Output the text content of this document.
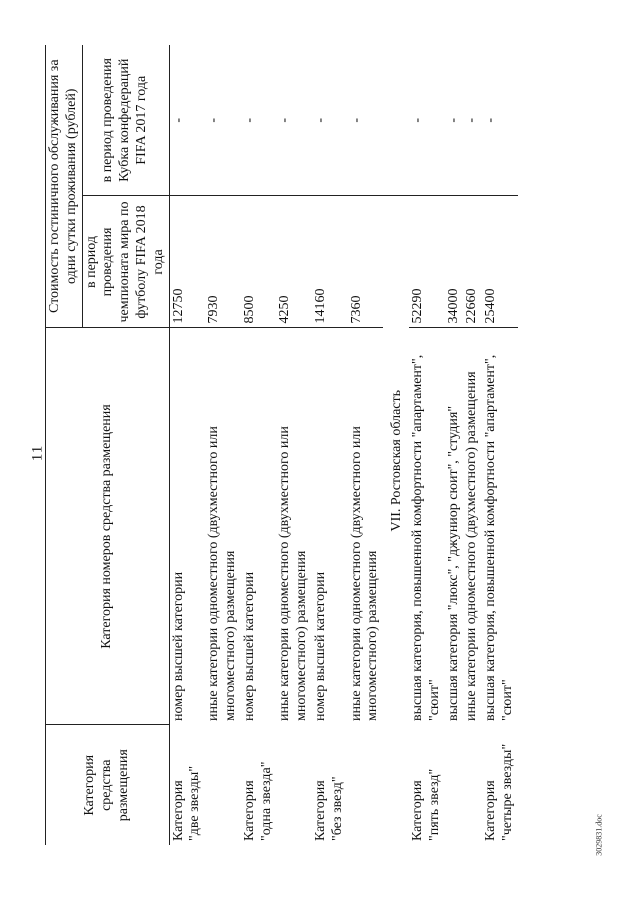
11
3029831.doc
Категория средства размещения	Категория номеров средства размещения	Стоимость гостиничного обслуживания за одни сутки проживания (рублей)	
		в период проведения чемпионата мира по футболу FIFA 2018 года	в период проведения Кубка конфедераций FIFA 2017 года

Категория "две звезды"	номер высшей категории	12750	-
	иные категории одноместного (двухместного или многоместного) размещения	7930	-

Категория "одна звезда"	номер высшей категории	8500	-
	иные категории одноместного (двухместного или многоместного) размещения	4250	-

Категория "без звезд"	номер высшей категории	14160	-
	иные категории одноместного (двухместного или многоместного) размещения	7360	-
	VII. Ростовская область		

Категория "пять звезд"	высшая категория, повышенной комфортности "апартамент", "сюит"	52290	-
	высшая категория "люкс", "джуниор сюит", "студия"	34000	-
	иные категории одноместного (двухместного) размещения	22660	-

Категория "четыре звезды"	высшая категория, повышенной комфортности "апартамент", "сюит"	25400	-
